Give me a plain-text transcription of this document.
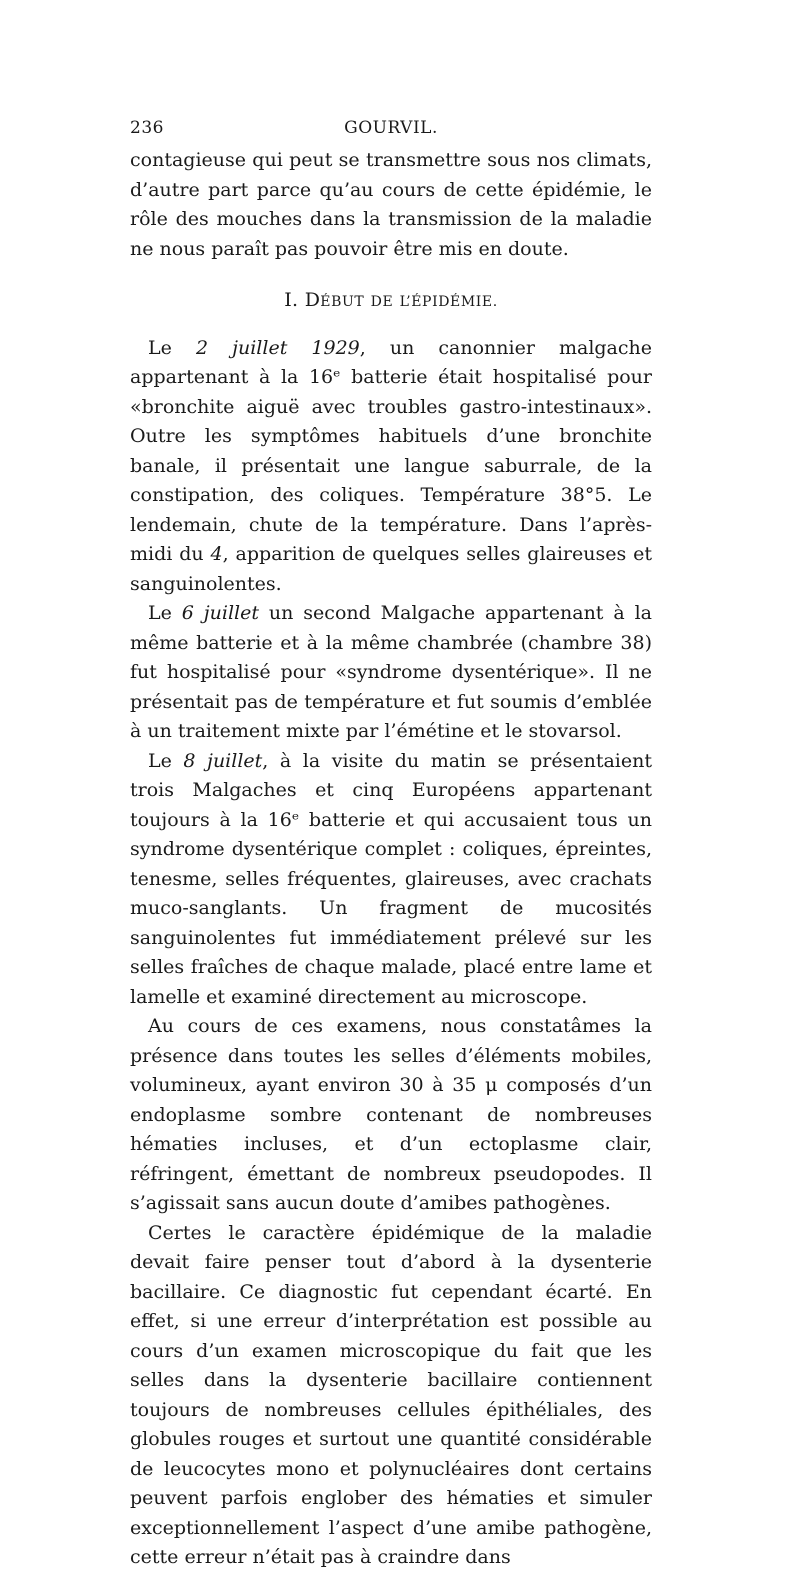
236	GOURVIL.

contagieuse qui peut se transmettre sous nos climats, d’autre part parce qu’au cours de cette épidémie, le rôle des mouches dans la transmission de la maladie ne nous paraît pas pouvoir être mis en doute.

I. DÉBUT DE L’ÉPIDÉMIE.

Le 2 juillet 1929, un canonnier malgache appartenant à la 16ᵉ batterie était hospitalisé pour «bronchite aiguë avec troubles gastro-intestinaux». Outre les symptômes habituels d’une bronchite banale, il présentait une langue saburrale, de la constipation, des coliques. Température 38°5. Le lendemain, chute de la température. Dans l’après-midi du 4, apparition de quelques selles glaireuses et sanguinolentes.

Le 6 juillet un second Malgache appartenant à la même batterie et à la même chambrée (chambre 38) fut hospitalisé pour «syndrome dysentérique». Il ne présentait pas de température et fut soumis d’emblée à un traitement mixte par l’émétine et le stovarsol.

Le 8 juillet, à la visite du matin se présentaient trois Malgaches et cinq Européens appartenant toujours à la 16ᵉ batterie et qui accusaient tous un syndrome dysentérique complet : coliques, épreintes, tenesme, selles fréquentes, glaireuses, avec crachats muco-sanglants. Un fragment de mucosités sanguinolentes fut immédiatement prélevé sur les selles fraîches de chaque malade, placé entre lame et lamelle et examiné directement au microscope.

Au cours de ces examens, nous constatâmes la présence dans toutes les selles d’éléments mobiles, volumineux, ayant environ 30 à 35 μ composés d’un endoplasme sombre contenant de nombreuses hématies incluses, et d’un ectoplasme clair, réfringent, émettant de nombreux pseudopodes. Il s’agissait sans aucun doute d’amibes pathogènes.

Certes le caractère épidémique de la maladie devait faire penser tout d’abord à la dysenterie bacillaire. Ce diagnostic fut cependant écarté. En effet, si une erreur d’interprétation est possible au cours d’un examen microscopique du fait que les selles dans la dysenterie bacillaire contiennent toujours de nombreuses cellules épithéliales, des globules rouges et surtout une quantité considérable de leucocytes mono et polynucléaires dont certains peuvent parfois englober des hématies et simuler exceptionnellement l’aspect d’une amibe pathogène, cette erreur n’était pas à craindre dans
